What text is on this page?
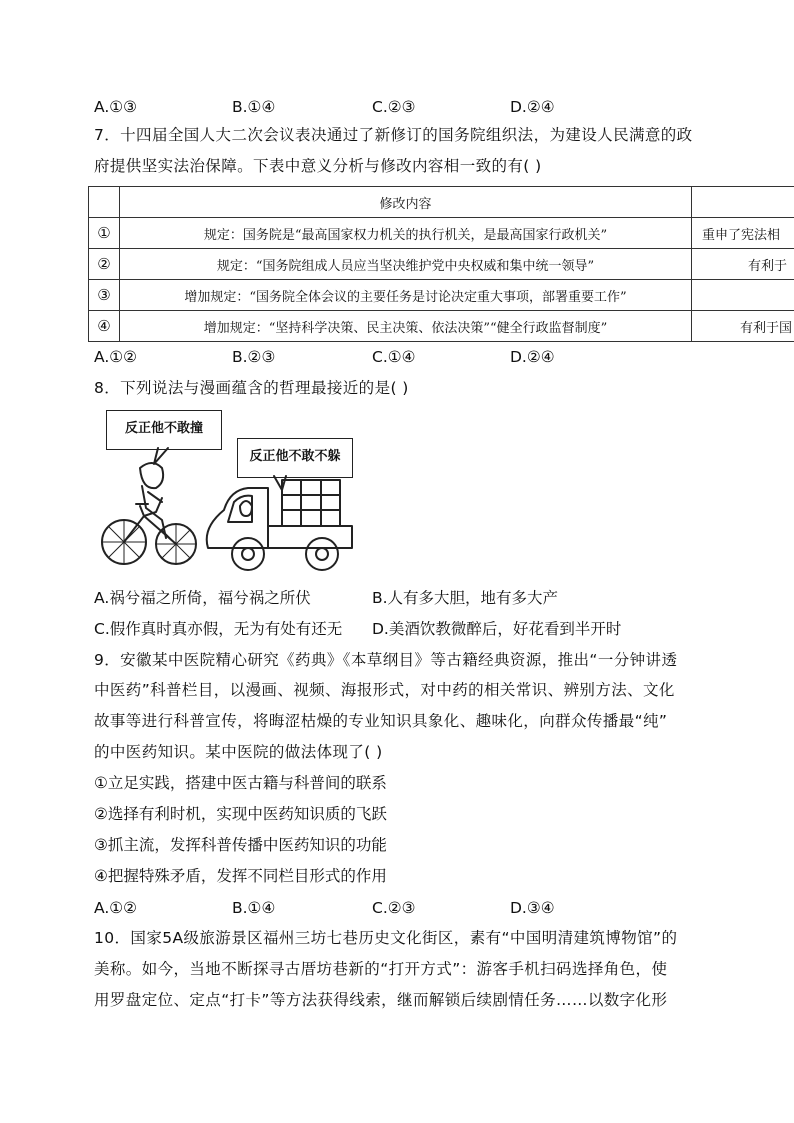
A.①③	B.①④	C.②③	D.②④
7．十四届全国人大二次会议表决通过了新修订的国务院组织法，为建设人民满意的政
府提供坚实法治保障。下表中意义分析与修改内容相一致的有( )
	修改内容	
①	规定：国务院是“最高国家权力机关的执行机关，是最高国家行政机关”	重申了宪法相
②	规定：“国务院组成人员应当坚决维护党中央权威和集中统一领导”	有利于
③	增加规定：“国务院全体会议的主要任务是讨论决定重大事项，部署重要工作”	
④	增加规定：“坚持科学决策、民主决策、依法决策”“健全行政监督制度”	有利于国
A.①②	B.②③	C.①④	D.②④
8．下列说法与漫画蕴含的哲理最接近的是( )
反正他不敢撞
反正他不敢不躲
A.祸兮福之所倚，福兮祸之所伏	B.人有多大胆，地有多大产
C.假作真时真亦假，无为有处有还无 D.美酒饮教微醉后，好花看到半开时
9．安徽某中医院精心研究《药典》《本草纲目》等古籍经典资源，推出“一分钟讲透
中医药”科普栏目，以漫画、视频、海报形式，对中药的相关常识、辨别方法、文化
故事等进行科普宣传，将晦涩枯燥的专业知识具象化、趣味化，向群众传播最“纯”
的中医药知识。某中医院的做法体现了( )
①立足实践，搭建中医古籍与科普间的联系
②选择有利时机，实现中医药知识质的飞跃
③抓主流，发挥科普传播中医药知识的功能
④把握特殊矛盾，发挥不同栏目形式的作用
A.①②	B.①④	C.②③	D.③④
10．国家5A级旅游景区福州三坊七巷历史文化街区，素有“中国明清建筑博物馆”的
美称。如今，当地不断探寻古厝坊巷新的“打开方式”：游客手机扫码选择角色，使
用罗盘定位、定点“打卡”等方法获得线索，继而解锁后续剧情任务……以数字化形
